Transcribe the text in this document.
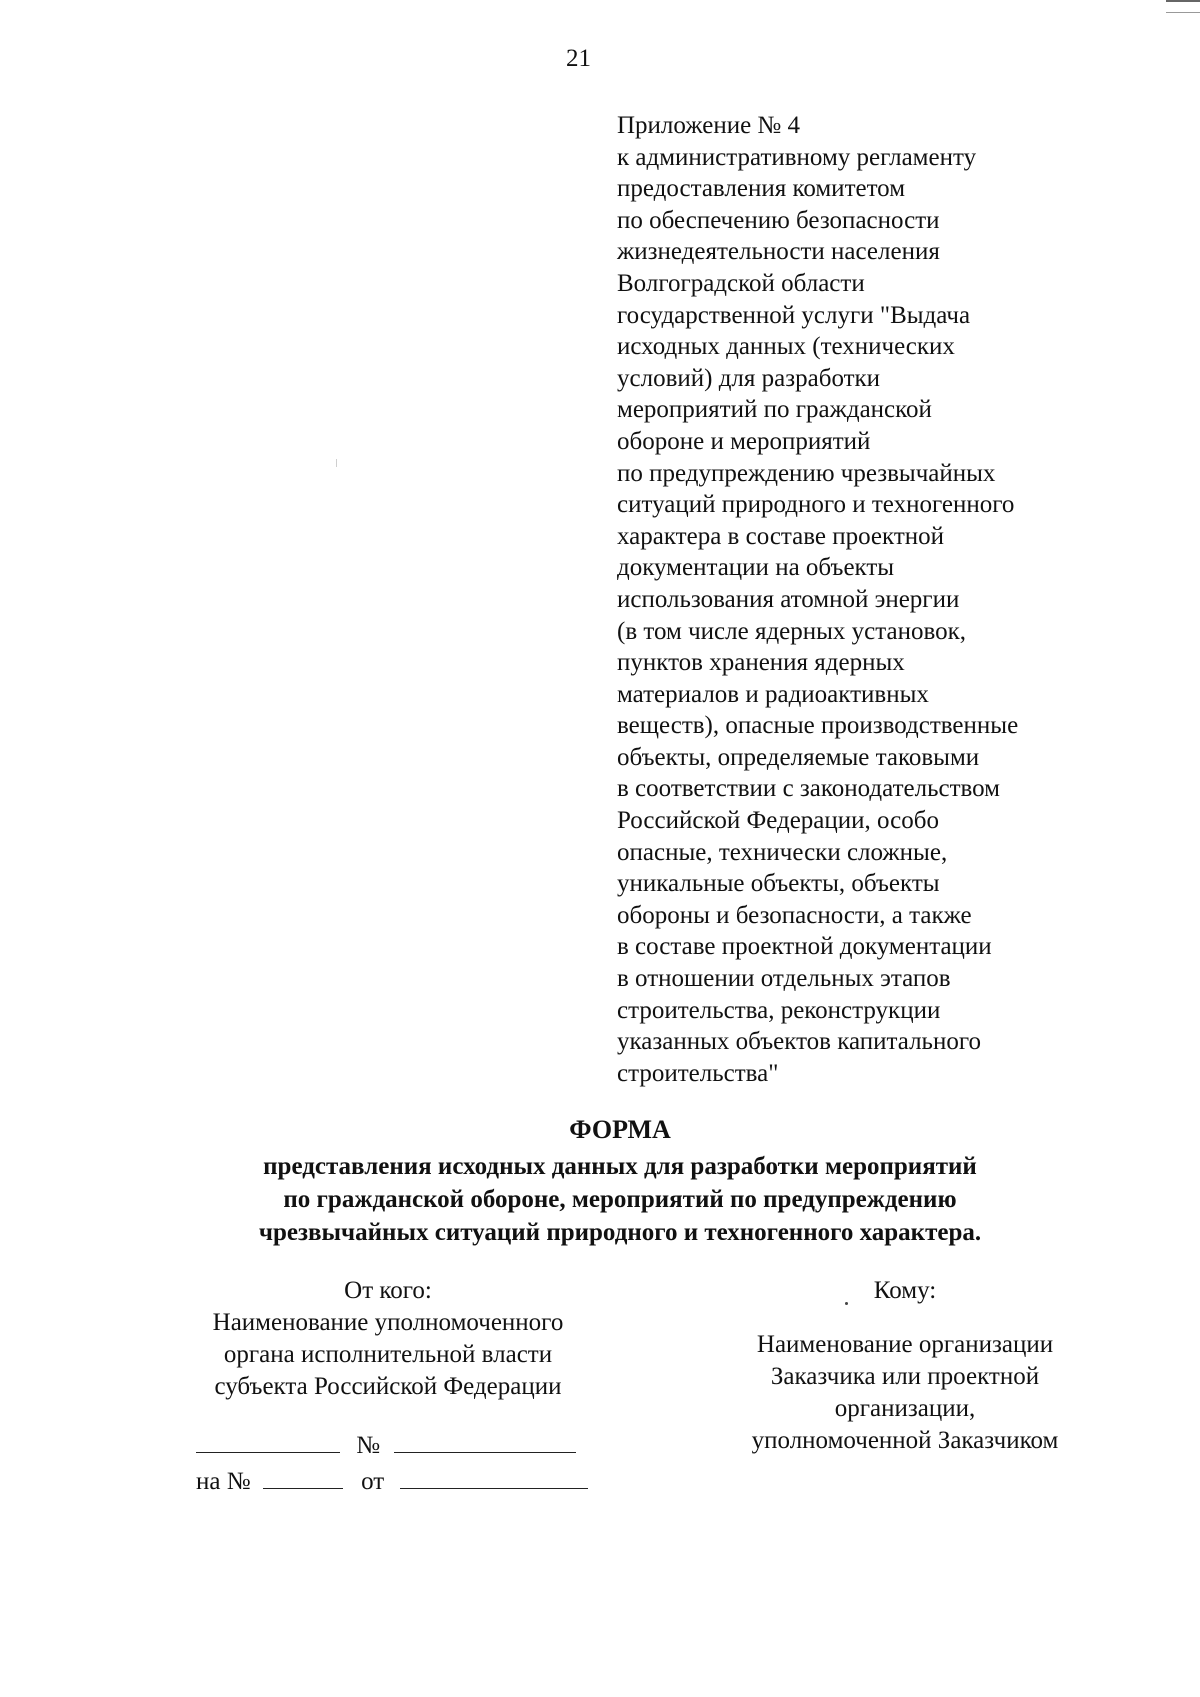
21
Приложение № 4
к административному регламенту
предоставления комитетом
по обеспечению безопасности
жизнедеятельности населения
Волгоградской области
государственной услуги "Выдача
исходных данных (технических
условий) для разработки
мероприятий по гражданской
обороне и мероприятий
по предупреждению чрезвычайных
ситуаций природного и техногенного
характера в составе проектной
документации на объекты
использования атомной энергии
(в том числе ядерных установок,
пунктов хранения ядерных
материалов и радиоактивных
веществ), опасные производственные
объекты, определяемые таковыми
в соответствии с законодательством
Российской Федерации, особо
опасные, технически сложные,
уникальные объекты, объекты
обороны и безопасности, а также
в составе проектной документации
в отношении отдельных этапов
строительства, реконструкции
указанных объектов капитального
строительства"
ФОРМА
представления исходных данных для разработки мероприятий
по гражданской обороне, мероприятий по предупреждению
чрезвычайных ситуаций природного и техногенного характера.
От кого:
Наименование уполномоченного
органа исполнительной власти
субъекта Российской Федерации
Кому:
Наименование организации
Заказчика или проектной
организации,
уполномоченной Заказчиком
№
на №	от
